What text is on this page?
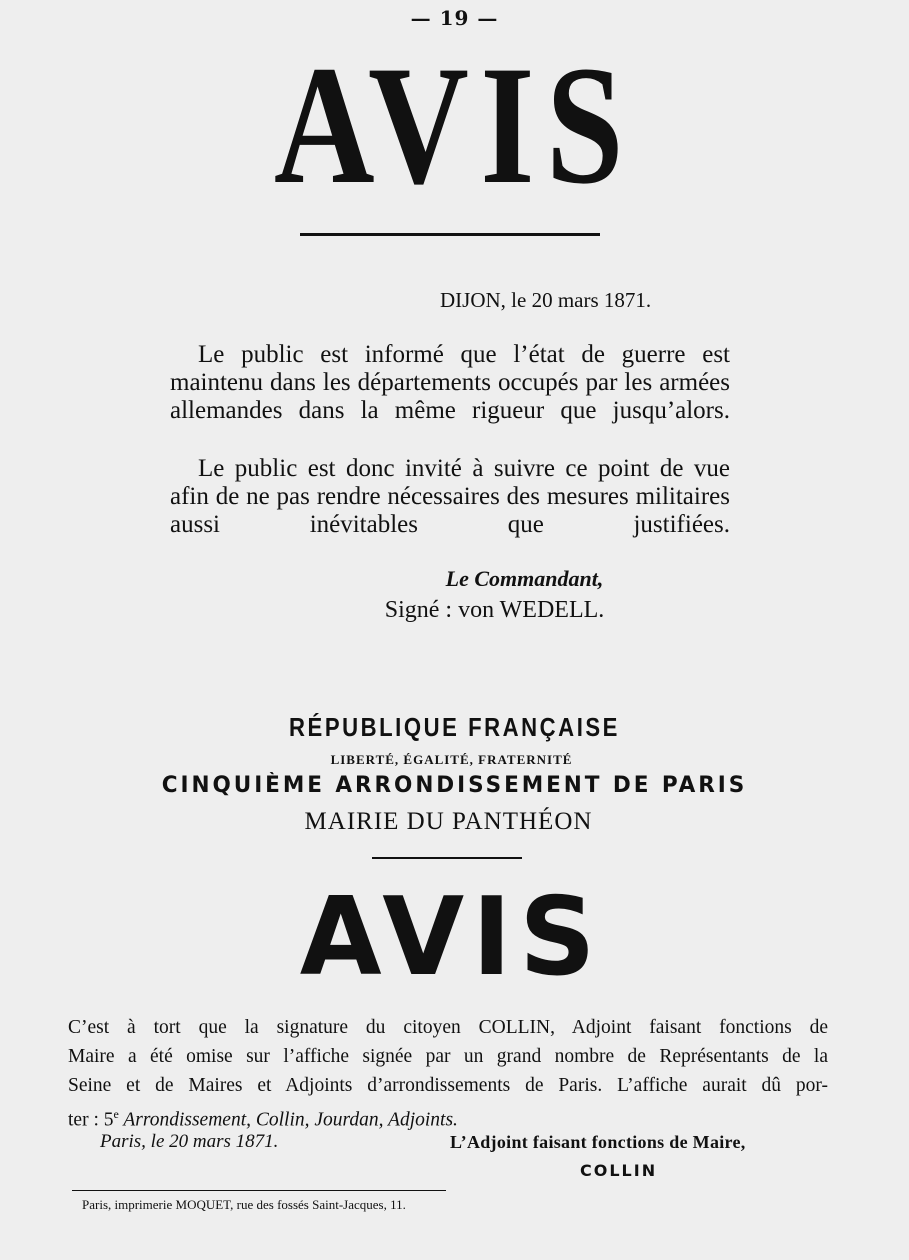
— 19 —
AVIS
DIJON, le 20 mars 1871.
Le public est informé que l’état de guerre est maintenu dans les départements occupés par les armées allemandes dans la même rigueur que jusqu’alors.
Le public est donc invité à suivre ce point de vue afin de ne pas rendre nécessaires des mesures militaires aussi inévitables que justifiées.
Le Commandant,
Signé : von WEDELL.
RÉPUBLIQUE FRANÇAISE
LIBERTÉ, ÉGALITÉ, FRATERNITÉ
CINQUIÈME ARRONDISSEMENT DE PARIS
MAIRIE DU PANTHÉON
AVIS
C’est à tort que la signature du citoyen COLLIN, Adjoint faisant fonctions de
Maire a été omise sur l’affiche signée par un grand nombre de Représentants de la
Seine et de Maires et Adjoints d’arrondissements de Paris. L’affiche aurait dû por-
ter : 5e Arrondissement, Collin, Jourdan, Adjoints.
Paris, le 20 mars 1871.	L’Adjoint faisant fonctions de Maire,
COLLIN
Paris, imprimerie MOQUET, rue des fossés Saint-Jacques, 11.
